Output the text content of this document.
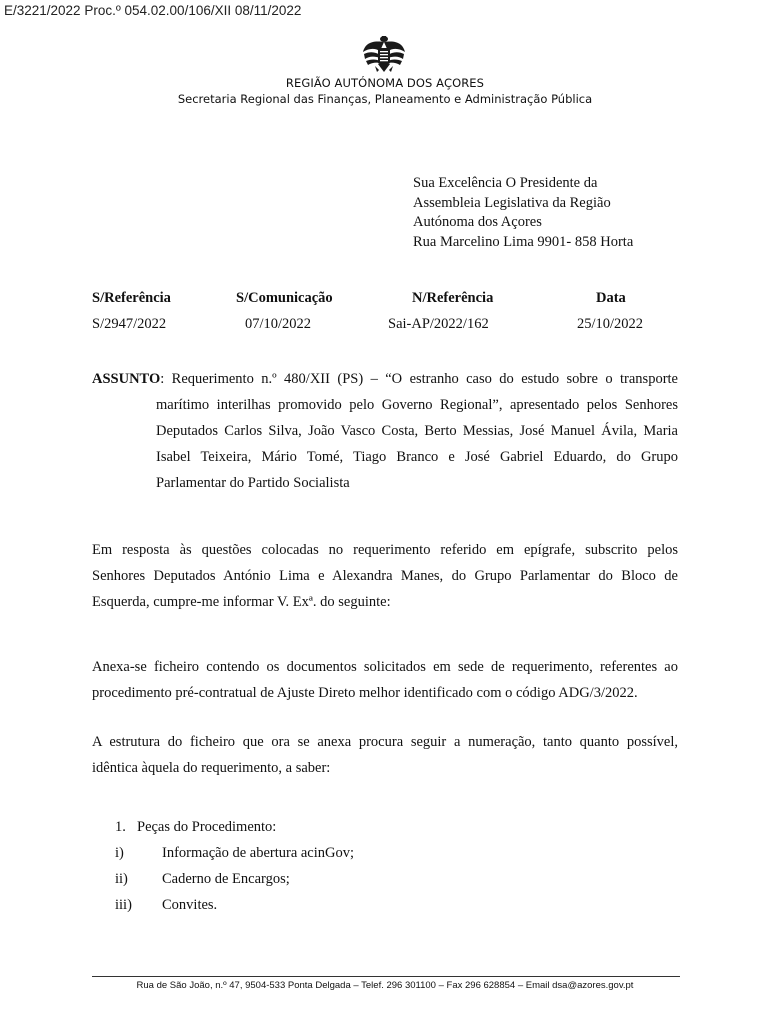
E/3221/2022 Proc.º 054.02.00/106/XII 08/11/2022
REGIÃO AUTÓNOMA DOS AÇORES
Secretaria Regional das Finanças, Planeamento e Administração Pública
Sua Excelência O Presidente da
Assembleia Legislativa da Região
Autónoma dos Açores
Rua Marcelino Lima 9901- 858 Horta
S/Referência	S/Comunicação	N/Referência	Data
S/2947/2022	07/10/2022	Sai-AP/2022/162	25/10/2022
ASSUNTO: Requerimento n.º 480/XII (PS) – “O estranho caso do estudo sobre o transporte
marítimo interilhas promovido pelo Governo Regional”, apresentado pelos Senhores
Deputados Carlos Silva, João Vasco Costa, Berto Messias, José Manuel Ávila, Maria
Isabel Teixeira, Mário Tomé, Tiago Branco e José Gabriel Eduardo, do Grupo
Parlamentar do Partido Socialista
Em resposta às questões colocadas no requerimento referido em epígrafe, subscrito pelos
Senhores Deputados António Lima e Alexandra Manes, do Grupo Parlamentar do Bloco de
Esquerda, cumpre-me informar V. Exª. do seguinte:
Anexa-se ficheiro contendo os documentos solicitados em sede de requerimento, referentes ao
procedimento pré-contratual de Ajuste Direto melhor identificado com o código ADG/3/2022.
A estrutura do ficheiro que ora se anexa procura seguir a numeração, tanto quanto possível,
idêntica àquela do requerimento, a saber:
1. Peças do Procedimento:
i)	Informação de abertura acinGov;
ii) Caderno de Encargos;
iii) Convites.
Rua de São João, n.º 47, 9504-533 Ponta Delgada – Telef. 296 301100 – Fax 296 628854 – Email dsa@azores.gov.pt
